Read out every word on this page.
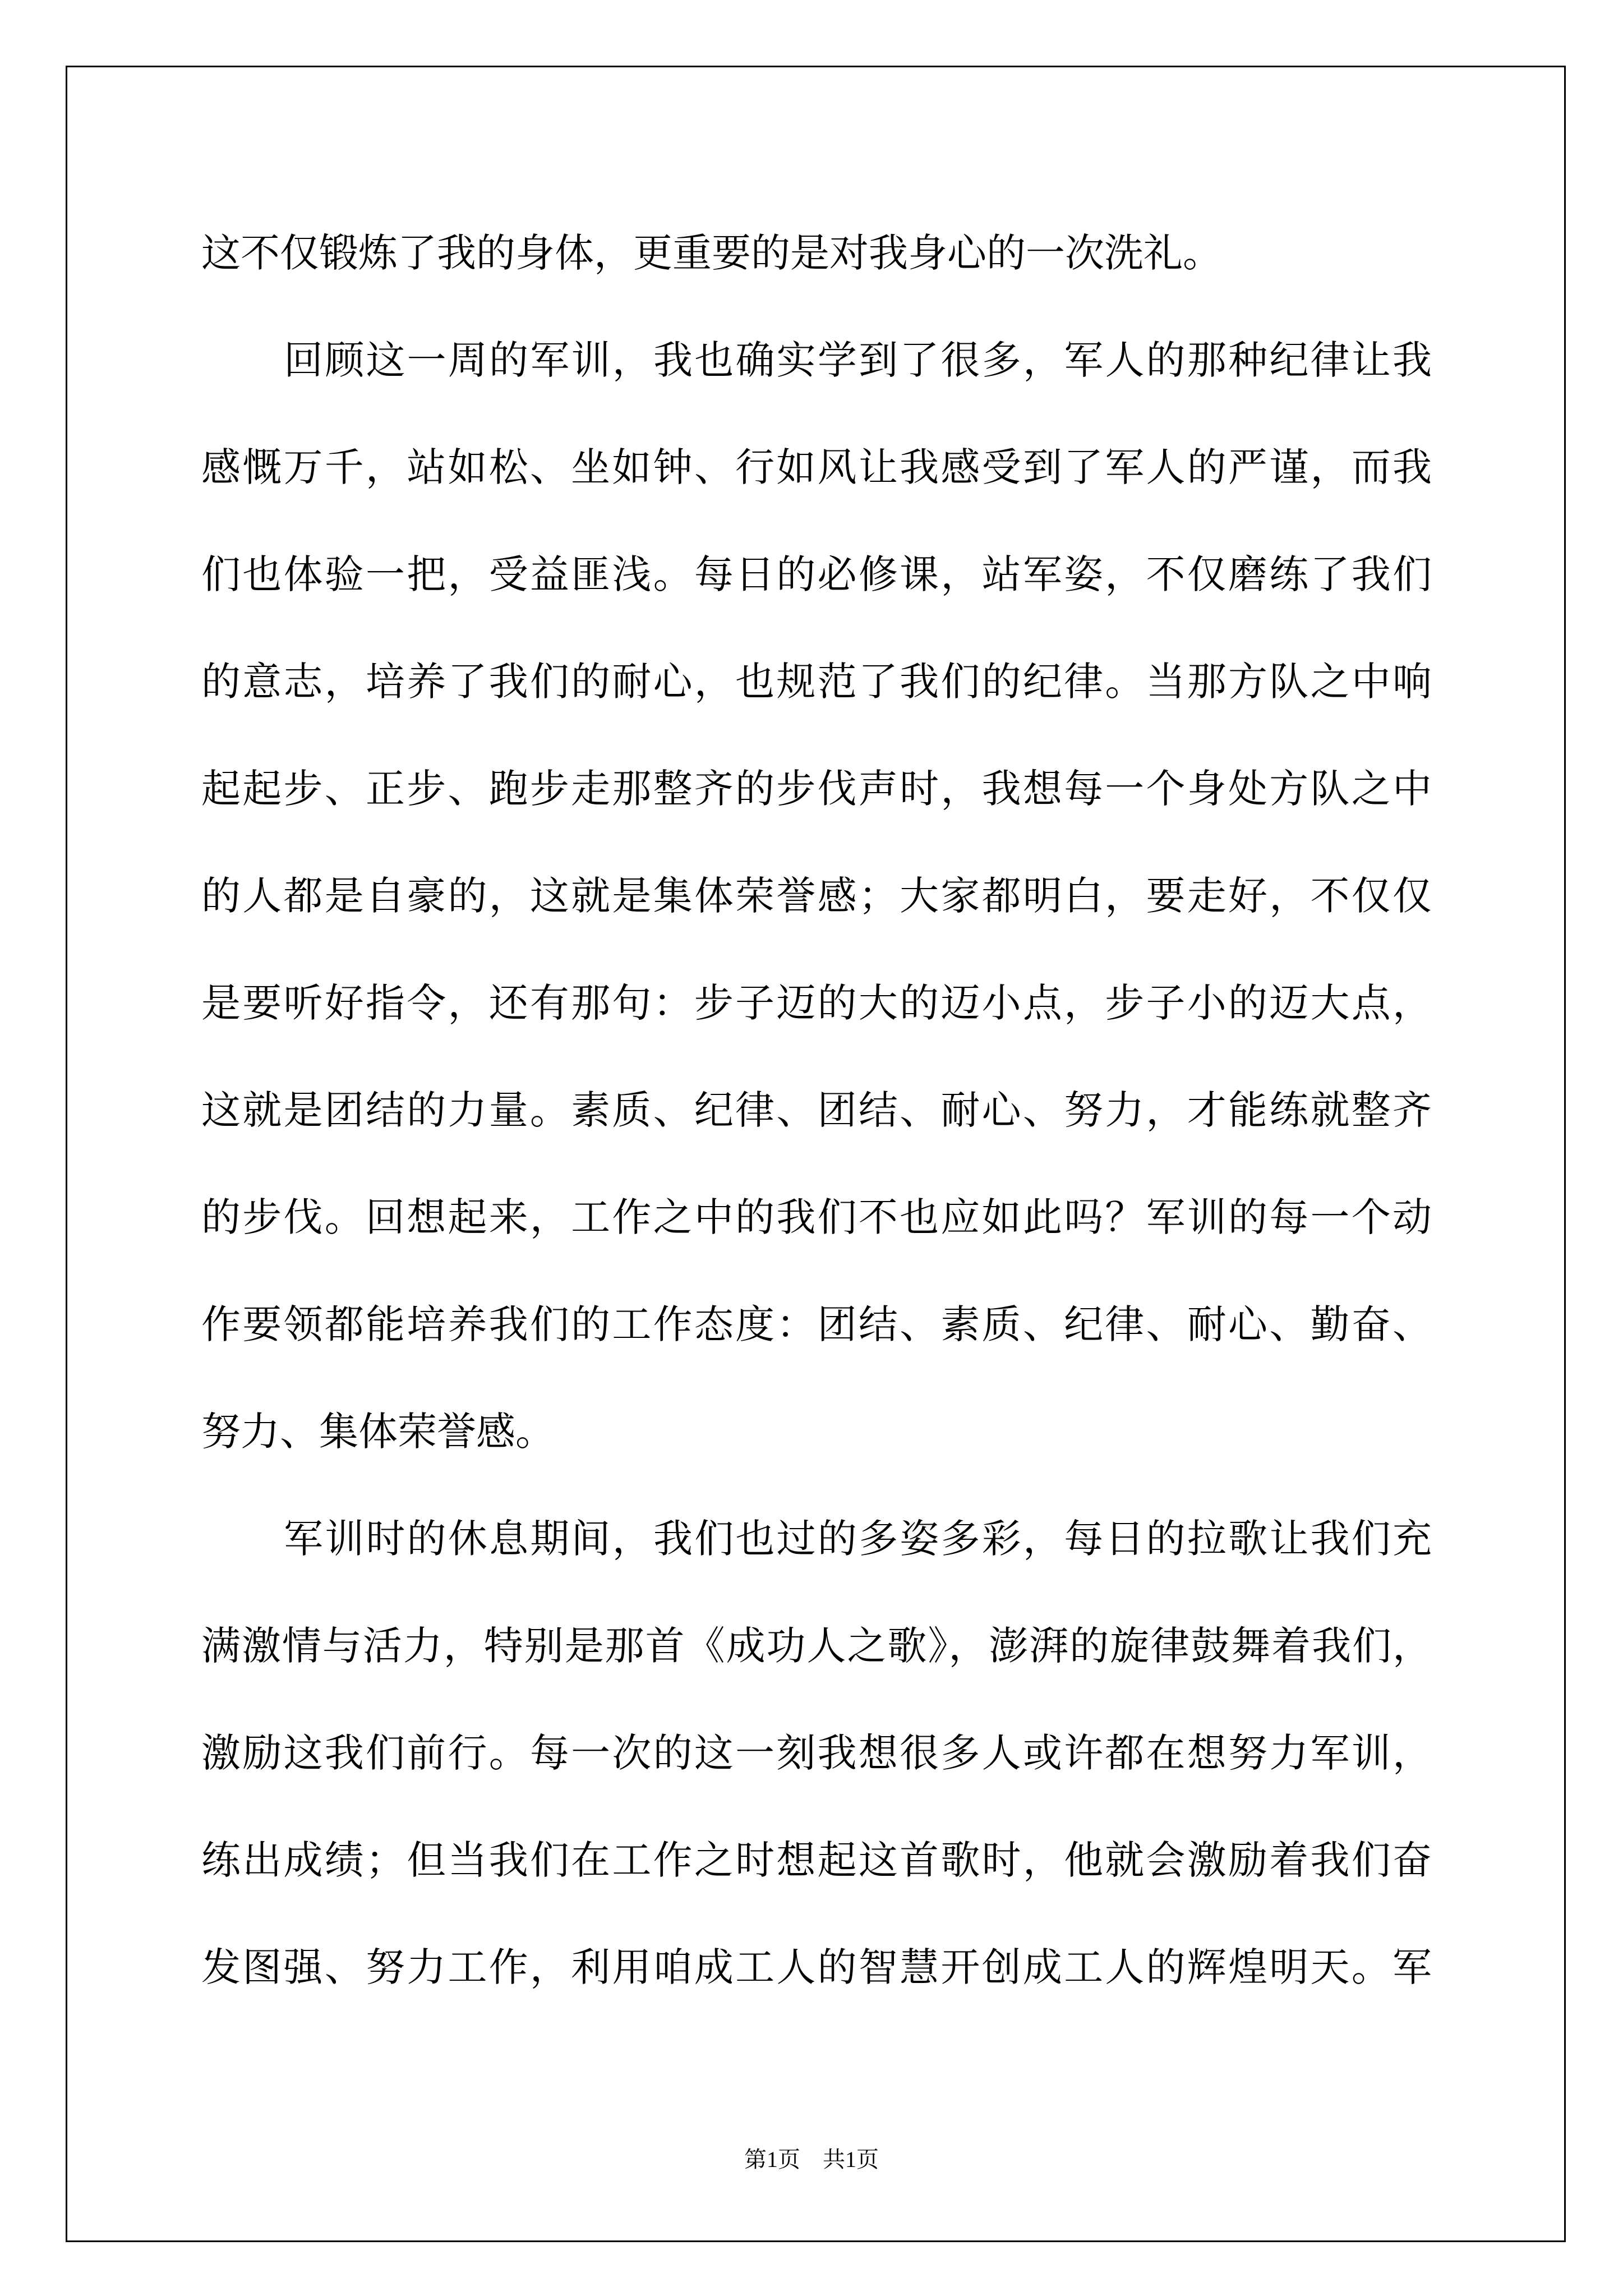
这不仅锻炼了我的身体，更重要的是对我身心的一次洗礼。
回顾这一周的军训，我也确实学到了很多，军人的那种纪律让我
感慨万千，站如松、坐如钟、行如风让我感受到了军人的严谨，而我
们也体验一把，受益匪浅。每日的必修课，站军姿，不仅磨练了我们
的意志，培养了我们的耐心，也规范了我们的纪律。当那方队之中响
起起步、正步、跑步走那整齐的步伐声时，我想每一个身处方队之中
的人都是自豪的，这就是集体荣誉感；大家都明白，要走好，不仅仅
是要听好指令，还有那句：步子迈的大的迈小点，步子小的迈大点，
这就是团结的力量。素质、纪律、团结、耐心、努力，才能练就整齐
的步伐。回想起来，工作之中的我们不也应如此吗？军训的每一个动
作要领都能培养我们的工作态度：团结、素质、纪律、耐心、勤奋、
努力、集体荣誉感。
军训时的休息期间，我们也过的多姿多彩，每日的拉歌让我们充
满激情与活力，特别是那首《成功人之歌》，澎湃的旋律鼓舞着我们，
激励这我们前行。每一次的这一刻我想很多人或许都在想努力军训，
练出成绩；但当我们在工作之时想起这首歌时，他就会激励着我们奋
发图强、努力工作，利用咱成工人的智慧开创成工人的辉煌明天。军
第1页　共1页
